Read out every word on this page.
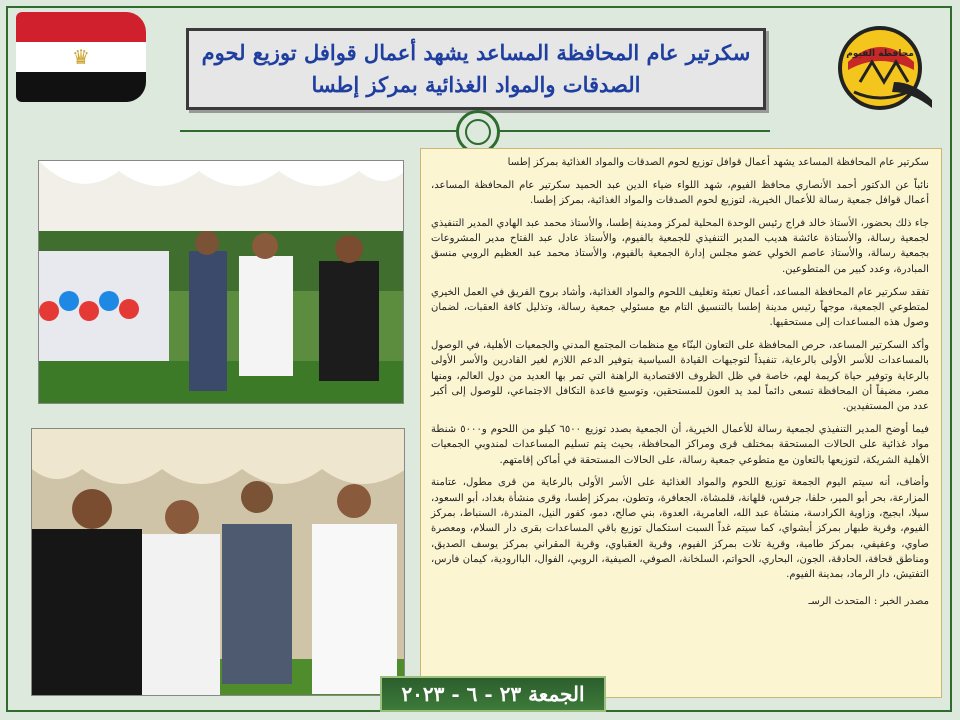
♛	سكرتير عام المحافظة المساعد يشهد أعمال قوافل توزيع لحوم الصدقات والمواد الغذائية بمركز إطسا
محافظة الفيوم

سكرتير عام المحافظة المساعد يشهد أعمال قوافل توزيع لحوم الصدقات والمواد الغذائية بمركز إطسا

نائباً عن الدكتور أحمد الأنصاري محافظ الفيوم، شهد اللواء ضياء الدين عبد الحميد سكرتير عام المحافظة المساعد، أعمال قوافل جمعية رسالة للأعمال الخيرية، لتوزيع لحوم الصدقات والمواد الغذائية، بمركز إطسا.

جاء ذلك بحضور، الأستاذ خالد فراج رئيس الوحدة المحلية لمركز ومدينة إطسا، والأستاذ محمد عبد الهادي المدير التنفيذي لجمعية رسالة، والأستاذة عائشة هديب المدير التنفيذي للجمعية بالفيوم، والأستاذ عادل عبد الفتاح مدير المشروعات بجمعية رسالة، والأستاذ عاصم الخولي عضو مجلس إدارة الجمعية بالفيوم، والأستاذ محمد عبد العظيم الروبي منسق المبادرة، وعدد كبير من المتطوعين.

تفقد سكرتير عام المحافظة المساعد، أعمال تعبئة وتغليف اللحوم والمواد الغذائية، وأشاد بروح الفريق في العمل الخيري لمتطوعي الجمعية، موجهاً رئيس مدينة إطسا بالتنسيق التام مع مسئولي جمعية رسالة، وتذليل كافة العقبات، لضمان وصول هذه المساعدات إلى مستحقيها.

وأكد السكرتير المساعد، حرص المحافظة على التعاون البنّاء مع منظمات المجتمع المدني والجمعيات الأهلية، في الوصول بالمساعدات للأسر الأولى بالرعاية، تنفيذاً لتوجيهات القيادة السياسية بتوفير الدعم اللازم لغير القادرين والأسر الأولى بالرعاية وتوفير حياة كريمة لهم، خاصة في ظل الظروف الاقتصادية الراهنة التي تمر بها العديد من دول العالم، ومنها مصر، مضيفاً أن المحافظة تسعى دائماً لمد يد العون للمستحقين، وتوسيع قاعدة التكافل الاجتماعي، للوصول إلى أكبر عدد من المستفيدين.

فيما أوضح المدير التنفيذي لجمعية رسالة للأعمال الخيرية، أن الجمعية بصدد توزيع ٦٥٠٠ كيلو من اللحوم و٥٠٠٠ شنطة مواد غذائية على الحالات المستحقة بمختلف قرى ومراكز المحافظة، بحيث يتم تسليم المساعدات لمندوبي الجمعيات الأهلية الشريكة، لتوزيعها بالتعاون مع متطوعي جمعية رسالة، على الحالات المستحقة في أماكن إقامتهم.

وأضاف، أنه سيتم اليوم الجمعة توزيع اللحوم والمواد الغذائية على الأسر الأولى بالرعاية من قرى مطول، عتامنة المزارعة، بحر أبو المير، حلفا، جرفس، قلهانة، قلمشاة، الجعافرة، وتطون، بمركز إطسا، وقرى منشأة بغداد، أبو السعود، سيلا، ابجيج، وزاوية الكرادسة، منشأة عبد الله، العامرية، العدوة، بني صالح، دمو، كفور النيل، المندرة، السنباط، بمركز الفيوم، وقرية طبهار بمركز أبشواي، كما سيتم غداً السبت استكمال توزيع باقي المساعدات بقرى دار السلام، ومعصرة صاوي، وعفيفي، بمركز طامية، وقرية تلات بمركز الفيوم، وقرية العقباوي، وقرية المقراني بمركز يوسف الصديق، ومناطق قحافة، الحادقة، الجون، البحاري، الحواتم، السلخانة، الصوفي، الصيفية، الروبي، الفوال، الباارودية، كيمان فارس، التفتيش، دار الرماد، بمدينة الفيوم.

مصدر الخبر : المتحدث الرسـ

الجمعة ٢٣ - ٦ - ٢٠٢٣
